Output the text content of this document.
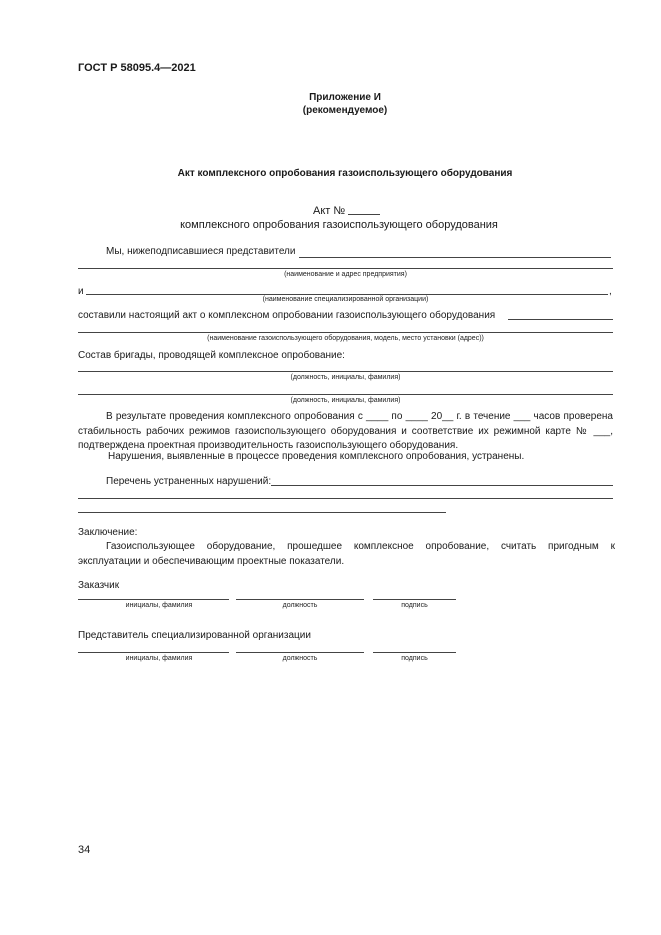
ГОСТ Р 58095.4—2021
Приложение И
(рекомендуемое)
Акт комплексного опробования газоиспользующего оборудования
Акт №
комплексного опробования газоиспользующего оборудования
Мы, нижеподписавшиеся представители
(наименование и адрес предприятия)
и	,
(наименование специализированной организации)
составили настоящий акт о комплексном опробовании газоиспользующего оборудования
(наименование газоиспользующего оборудования, модель, место установки (адрес))
Состав бригады, проводящей комплексное опробование:
(должность, инициалы, фамилия)
(должность, инициалы, фамилия)
В результате проведения комплексного опробования с ____ по ____ 20__ г. в течение ___ часов проверена стабильность рабочих режимов газоиспользующего оборудования и соответствие их режимной карте № ___, подтверждена проектная производительность газоиспользующего оборудования.
Нарушения, выявленные в процессе проведения комплексного опробования, устранены.
Перечень устраненных нарушений:
Заключение:
Газоиспользующее оборудование, прошедшее комплексное опробование, считать пригодным к эксплуатации и обеспечивающим проектные показатели.
Заказчик
инициалы, фамилия	должность	подпись
Представитель специализированной организации
инициалы, фамилия	должность	подпись
34
